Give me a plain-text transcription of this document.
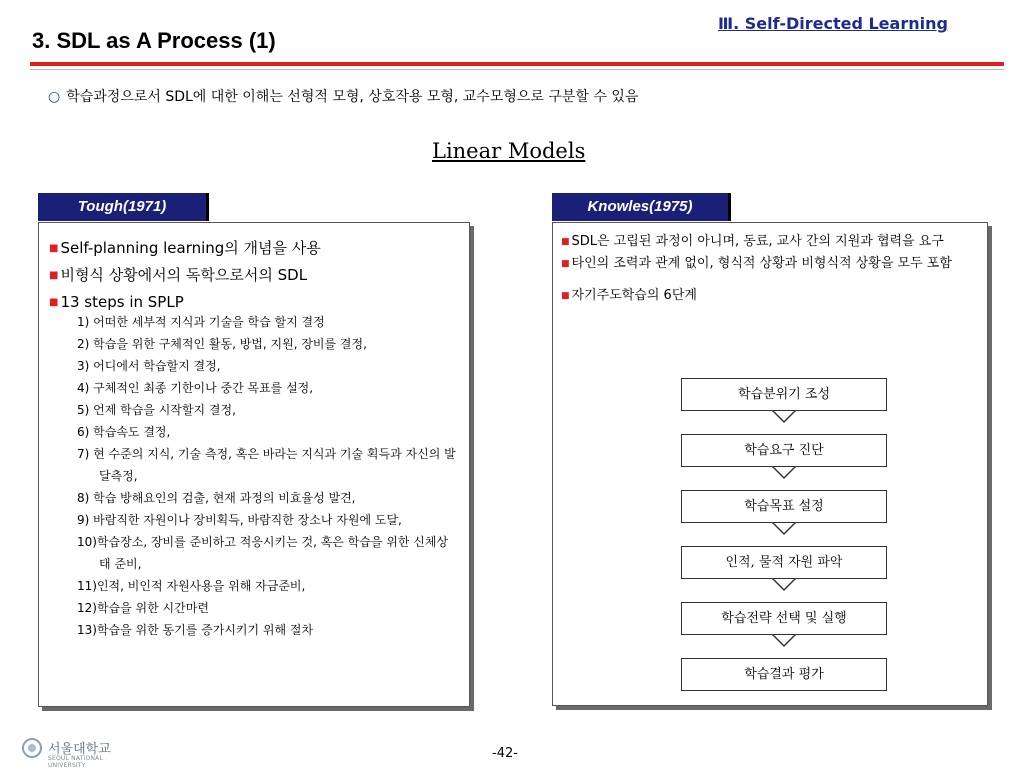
Ⅲ. Self-Directed Learning
3. SDL as A Process (1)
○ 학습과정으로서 SDL에 대한 이해는 선형적 모형, 상호작용 모형, 교수모형으로 구분할 수 있음
Linear Models
Tough(1971)
■ Self-planning learning의 개념을 사용
■ 비형식 상황에서의 독학으로서의 SDL
■ 13 steps in SPLP
1) 어떠한 세부적 지식과 기술을 학습 할지 결정
2) 학습을 위한 구체적인 활동, 방법, 지원, 장비를 결정,
3) 어디에서 학습할지 결정,
4) 구체적인 최종 기한이나 중간 목표를 설정,
5) 언제 학습을 시작할지 결정,
6) 학습속도 결정,
7) 현 수준의 지식, 기술 측정, 혹은 바라는 지식과 기술 획득과 자신의 발달측정,
8) 학습 방해요인의 검출, 현재 과정의 비효율성 발견,
9) 바람직한 자원이나 장비획득, 바람직한 장소나 자원에 도달,
10)학습장소, 장비를 준비하고 적응시키는 것, 혹은 학습을 위한 신체상 태 준비,
11)인적, 비인적 자원사용을 위해 자금준비,
12)학습을 위한 시간마련
13)학습을 위한 동기를 증가시키기 위해 절차
Knowles(1975)
■ SDL은 고립된 과정이 아니며, 동료, 교사 간의 지원과 협력을 요구
■ 타인의 조력과 관계 없이, 형식적 상황과 비형식적 상황을 모두 포함
■ 자기주도학습의 6단계
학습분위기 조성
학습요구 진단
학습목표 설정
인적, 물적 자원 파악
학습전략 선택 및 실행
학습결과 평가
서울대학교
SEOUL NATIONAL UNIVERSITY
-42-
